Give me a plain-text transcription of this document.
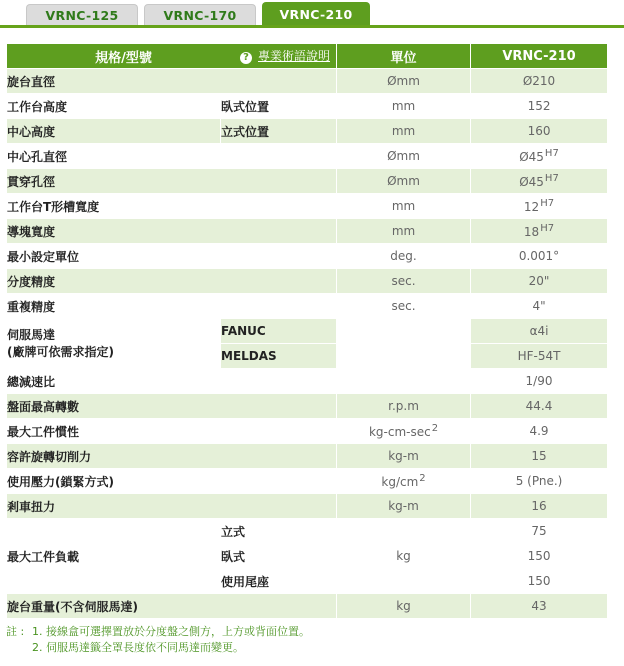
VRNC-125	VRNC-170	VRNC-210
規格/型號 ? 專業術語說明		單位	VRNC-210
旋台直徑		Ømm	Ø210
工作台高度	臥式位置	mm	152
中心高度	立式位置	mm	160
中心孔直徑		Ømm	$Ø45^{H7}$
貫穿孔徑		Ømm	$Ø45^{H7}$
工作台T形槽寬度		mm	$12^{H7}$
導塊寬度		mm	$18^{H7}$
最小設定單位		deg.	0.001°
分度精度		sec.	20"
重複精度		sec.	4"

伺服馬達
(廠牌可依需求指定)	FANUC		α4i
	MELDAS		HF-54T
總減速比			1/90
盤面最高轉數		r.p.m	44.4
最大工件慣性		$kg-cm-\sec^2$	4.9
容許旋轉切削力		kg-m	15
使用壓力(鎖緊方式)		$kg/cm^2$	5 (Pne.)
剎車扭力		kg-m	16
最大工件負載	立式	kg	75
	臥式		150
	使用尾座		150
旋台重量(不含伺服馬達)		kg	43
註 : 1. 接線盒可選擇置放於分度盤之側方，上方或背面位置。
2. 伺服馬達籤全罩長度依不同馬達而變更。
